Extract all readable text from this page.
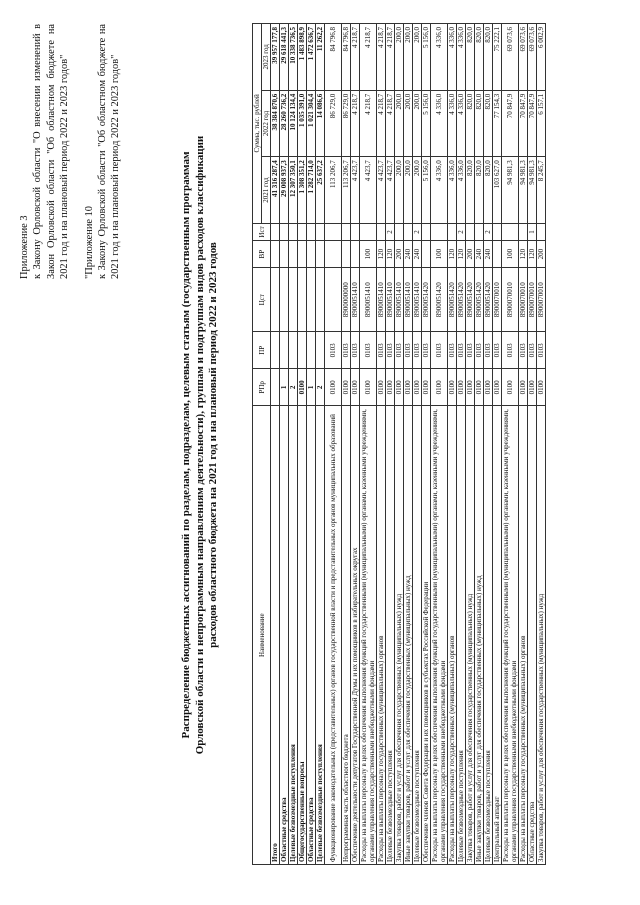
Приложение 3 к Закону Орловской области "О внесении изменений в Закон Орловской области "Об областном бюджете на 2021 год и на плановый период 2022 и 2023 годов" "Приложение 10 к Закону Орловской области "Об областном бюджете на 2021 год и на плановый период 2022 и 2023 годов"	Распределение бюджетных ассигнований по разделам, подразделам, целевым статьям (государственным программам Орловской области и непрограммным направлениям деятельности), группам и подгруппам видов расходов классификации расходов областного бюджета на 2021 год и на плановый период 2022 и 2023 годов	Наименование	РПр	ПР	Цст	ВР	Ист	Сумма, тыс. рублей		
						2021 год	2022 год	2023 год
Итого						41 316 287,4	38 384 870,6	39 957 177,8
Областные средства	1					29 008 937,3	28 260 736,2	29 618 441,3
Целевые безвозмездные поступления	2					12 307 350,1	10 124 134,4	10 338 736,5
Общегосударственные вопросы	0100					1 308 351,2	1 035 391,0	1 483 898,9
Областные средства	1					1 282 714,0	1 021 304,4	1 472 636,7
Целевые безвозмездные поступления	2					25 637,2	14 086,6	11 262,2
Функционирование законодательных (представительных) органов государственной власти и представительных органов муниципальных образований	0100	0103				113 206,7	86 729,0	84 796,8
Непрограммная часть областного бюджета	0100	0103	8900000000			113 206,7	86 729,0	84 796,8
Обеспечение деятельности депутатов Государственной Думы и их помощников в избирательных округах	0100	0103	8900051410			4 423,7	4 218,7	4 218,7
Расходы на выплаты персоналу в целях обеспечения выполнения функций государственными (муниципальными) органами, казенными учреждениями, органами управления государственными внебюджетными фондами	0100	0103	8900051410	100		4 423,7	4 218,7	4 218,7
Расходы на выплаты персоналу государственных (муниципальных) органов	0100	0103	8900051410	120		4 423,7	4 218,7	4 218,7
Целевые безвозмездные поступления	0100	0103	8900051410	120	2	4 423,7	4 218,7	4 218,7
Закупка товаров, работ и услуг для обеспечения государственных (муниципальных) нужд	0100	0103	8900051410	200		200,0	200,0	200,0
Иные закупки товаров, работ и услуг для обеспечения государственных (муниципальных) нужд	0100	0103	8900051410	240		200,0	200,0	200,0
Целевые безвозмездные поступления	0100	0103	8900051410	240	2	200,0	200,0	200,0
Обеспечение членов Совета Федерации и их помощников в субъектах Российской Федерации	0100	0103	8900051420			5 156,0	5 156,0	5 156,0
Расходы на выплаты персоналу в целях обеспечения выполнения функций государственными (муниципальными) органами, казенными учреждениями, органами управления государственными внебюджетными фондами	0100	0103	8900051420	100		4 336,0	4 336,0	4 336,0
Расходы на выплаты персоналу государственных (муниципальных) органов	0100	0103	8900051420	120		4 336,0	4 336,0	4 336,0
Целевые безвозмездные поступления	0100	0103	8900051420	120	2	4 336,0	4 336,0	4 336,0
Закупка товаров, работ и услуг для обеспечения государственных (муниципальных) нужд	0100	0103	8900051420	200		820,0	820,0	820,0
Иные закупки товаров, работ и услуг для обеспечения государственных (муниципальных) нужд	0100	0103	8900051420	240		820,0	820,0	820,0
Целевые безвозмездные поступления	0100	0103	8900051420	240	2	820,0	820,0	820,0
Центральный аппарат	0100	0103	8900070010			103 627,0	77 154,3	75 222,1
Расходы на выплаты персоналу в целях обеспечения выполнения функций государственными (муниципальными) органами, казенными учреждениями, органами управления государственными внебюджетными фондами	0100	0103	8900070010	100		94 981,3	70 847,9	69 073,6
Расходы на выплаты персоналу государственных (муниципальных) органов	0100	0103	8900070010	120		94 981,3	70 847,9	69 073,6
Областные средства	0100	0103	8900070010	120	1	94 981,3	70 847,9	69 073,6
Закупка товаров, работ и услуг для обеспечения государственных (муниципальных) нужд	0100	0103	8900070010	200		8 245,7	6 157,1	6 002,9
